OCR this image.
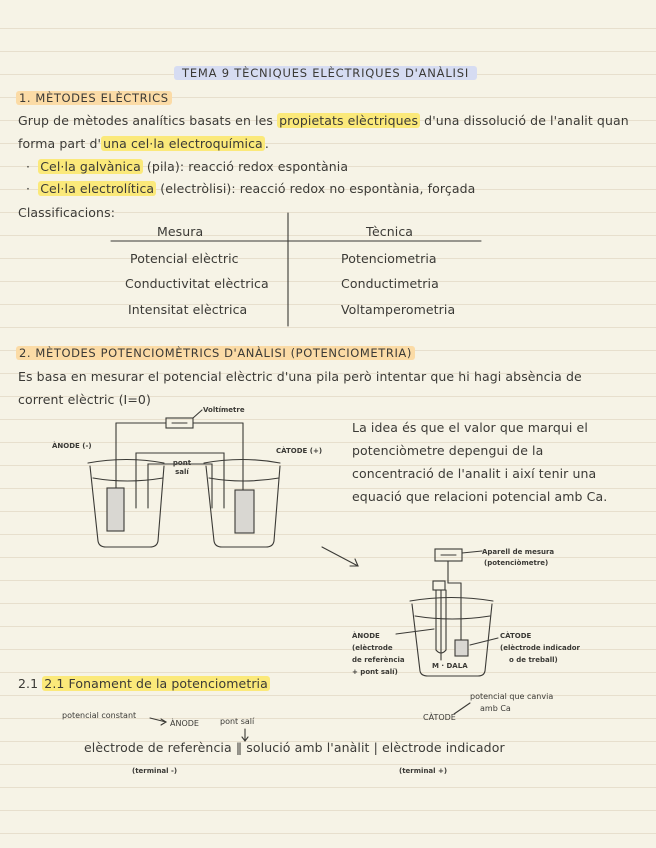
TEMA 9 TÈCNIQUES ELÈCTRIQUES D'ANÀLISI
1. MÈTODES ELÈCTRICS
Grup de mètodes analítics basats en les propietats elèctriques d'una dissolució de l'analit quan
forma part d' una cel·la electroquímica .
·  Cel·la galvànica (pila): reacció redox espontània
·  Cel·la electrolítica (electròlisi): reacció redox no espontània, forçada
Classificacions:
Mesura	Tècnica
Potencial elèctric	Potenciometria
Conductivitat elèctrica	Conductimetria
Intensitat elèctrica	Voltamperometria
2. MÈTODES POTENCIOMÈTRICS D'ANÀLISI (POTENCIOMETRIA)
Es basa en mesurar el potencial elèctric d'una pila però intentar que hi hagi absència de
corrent elèctric (I=0)
La idea és que el valor que marqui el
potenciòmetre depengui de la
concentració de l'analit i així tenir una
equació que relacioni potencial amb Ca.
Voltímetre
ÀNODE (-)
CÀTODE (+)
pont salí
Aparell de mesura
(potenciòmetre)
ÀNODE
(elèctrode
de referència
+ pont salí)
CÀTODE
(elèctrode indicador
o de treball)
M · DALA
2.1 2.1 Fonament de la potenciometria
potencial constant
ÀNODE	pont salí	CÀTODE
potencial que canvia
amb Ca
elèctrode de referència ‖ solució amb l'anàlit | elèctrode indicador
(terminal -)	(terminal +)
